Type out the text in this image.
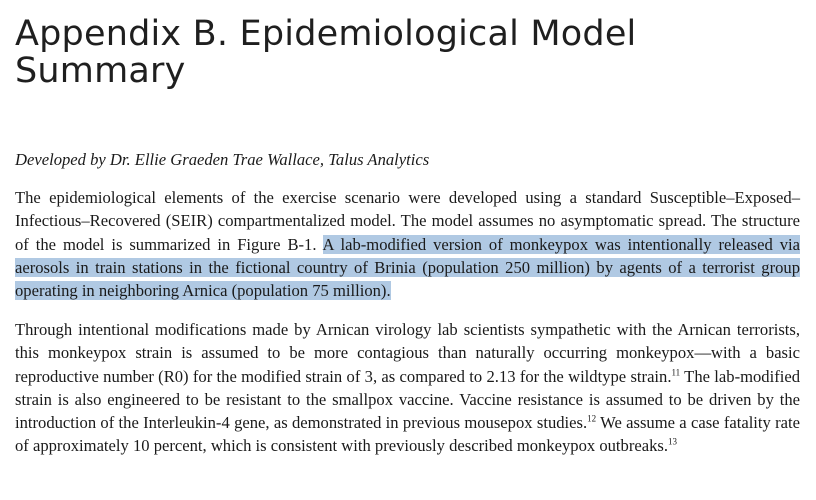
Appendix B. Epidemiological Model Summary

Developed by Dr. Ellie Graeden Trae Wallace, Talus Analytics

The epidemiological elements of the exercise scenario were developed using a standard Susceptible–Exposed–Infectious–Recovered (SEIR) compartmentalized model. The model assumes no asymptomatic spread. The structure of the model is summarized in Figure B-1. A lab-modified version of monkeypox was intentionally released via aerosols in train stations in the fictional country of Brinia (population 250 million) by agents of a terrorist group operating in neighboring Arnica (population 75 million).

Through intentional modifications made by Arnican virology lab scientists sympathetic with the Arnican terrorists, this monkeypox strain is assumed to be more contagious than naturally occurring monkeypox—with a basic reproductive number (R0) for the modified strain of 3, as compared to 2.13 for the wildtype strain.$^{11}$ The lab-modified strain is also engineered to be resistant to the smallpox vaccine. Vaccine resistance is assumed to be driven by the introduction of the Interleukin-4 gene, as demonstrated in previous mousepox studies.$^{12}$ We assume a case fatality rate of approximately 10 percent, which is consistent with previously described monkeypox outbreaks.$^{13}$
